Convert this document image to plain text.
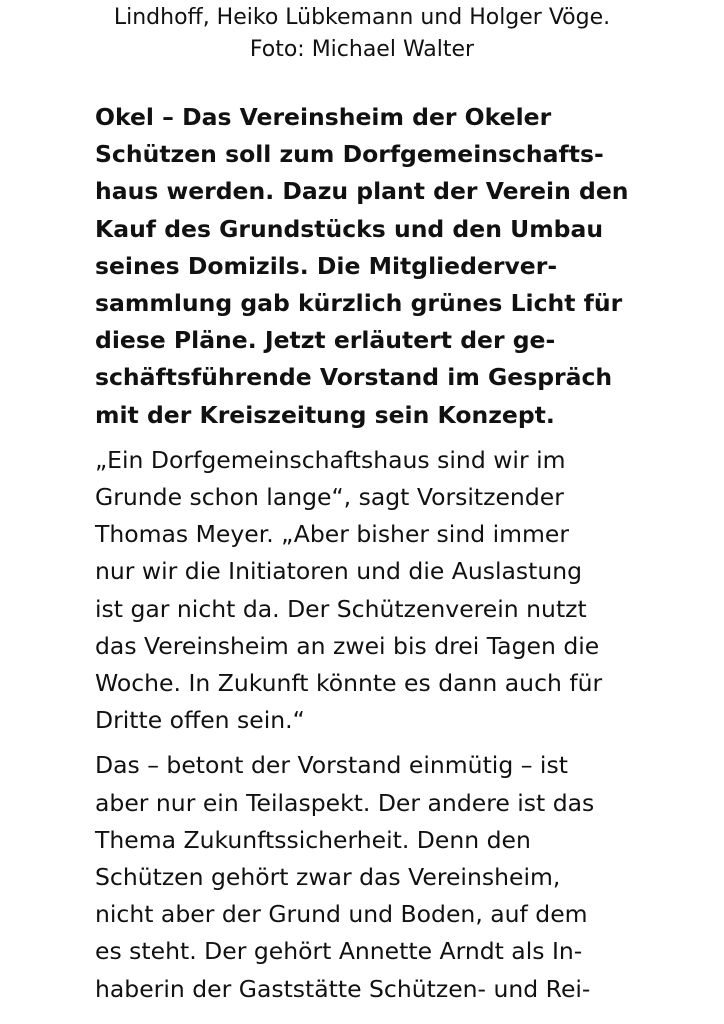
Lindhoff, Heiko Lübkemann und Holger Vöge.
Foto: Michael Walter

Okel – Das Vereinsheim der Okeler
Schützen soll zum Dorfgemeinschafts-
haus werden. Dazu plant der Verein den
Kauf des Grundstücks und den Umbau
seines Domizils. Die Mitgliederver-
sammlung gab kürzlich grünes Licht für
diese Pläne. Jetzt erläutert der ge-
schäftsführende Vorstand im Gespräch
mit der Kreiszeitung sein Konzept.

„Ein Dorfgemeinschaftshaus sind wir im
Grunde schon lange“, sagt Vorsitzender
Thomas Meyer. „Aber bisher sind immer
nur wir die Initiatoren und die Auslastung
ist gar nicht da. Der Schützenverein nutzt
das Vereinsheim an zwei bis drei Tagen die
Woche. In Zukunft könnte es dann auch für
Dritte offen sein.“

Das – betont der Vorstand einmütig – ist
aber nur ein Teilaspekt. Der andere ist das
Thema Zukunftssicherheit. Denn den
Schützen gehört zwar das Vereinsheim,
nicht aber der Grund und Boden, auf dem
es steht. Der gehört Annette Arndt als In-
haberin der Gaststätte Schützen- und Rei-
